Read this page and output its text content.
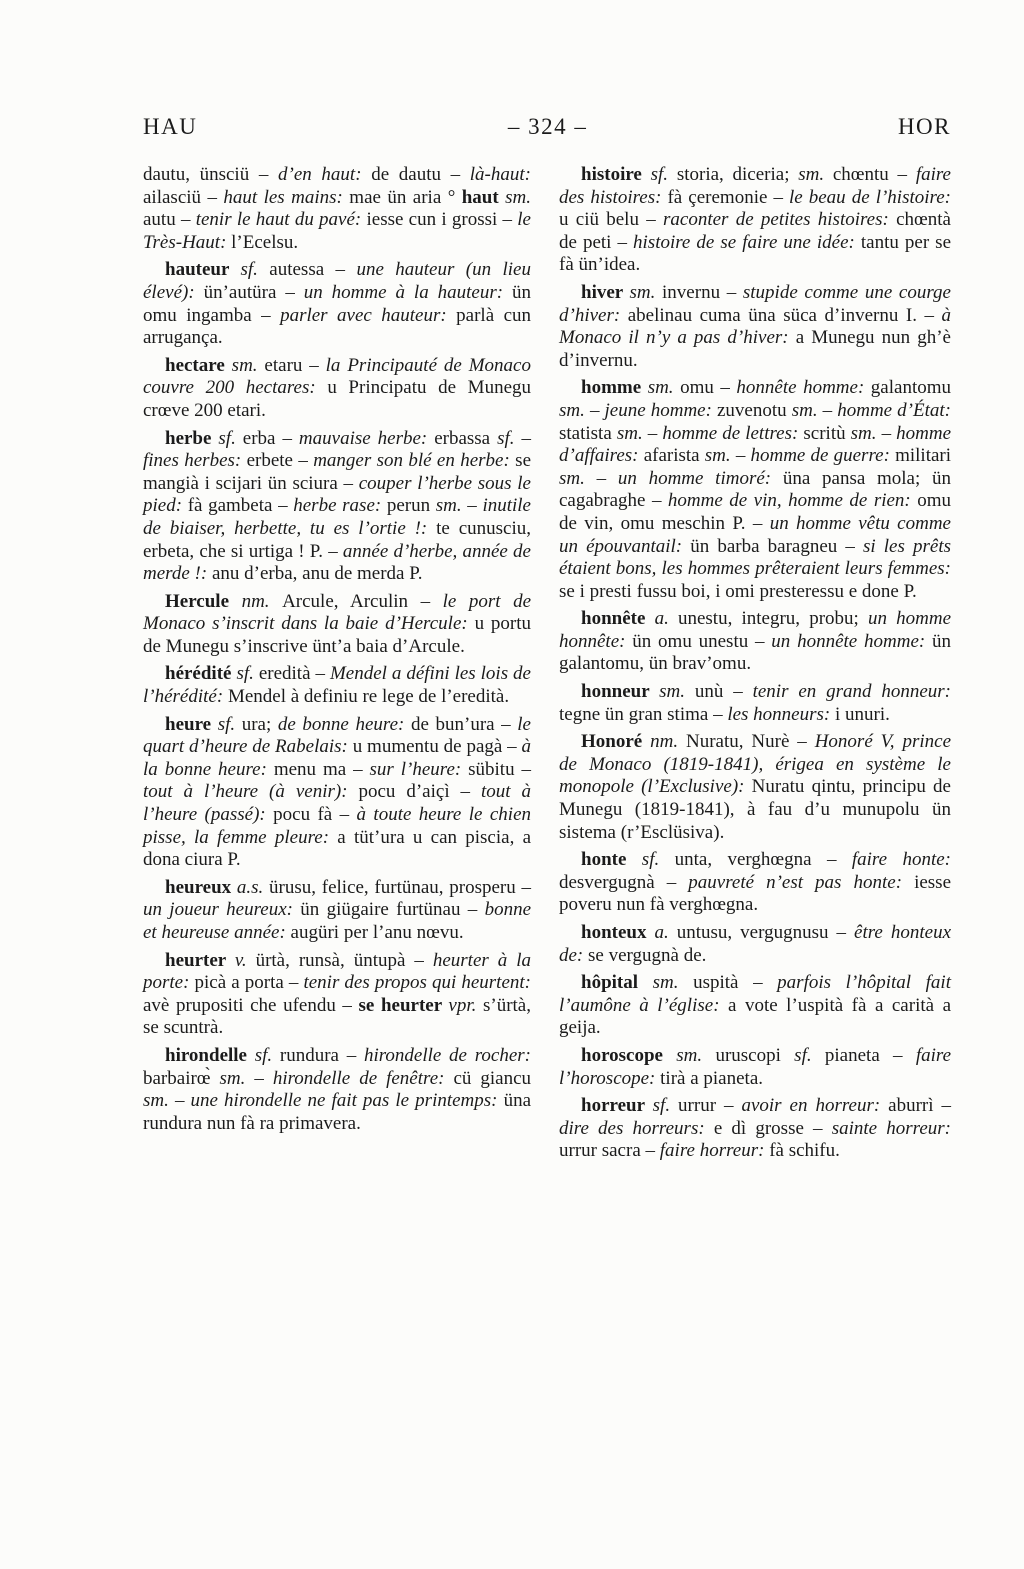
HAU	– 324 –	HOR

dautu, ünsciü – d’en haut: de dautu – là-haut: ailasciü – haut les mains: mae ün aria ° haut sm. autu – tenir le haut du pavé: iesse cun i grossi – le Très-Haut: l’Ecelsu.

hauteur sf. autessa – une hauteur (un lieu élevé): ün’autüra – un homme à la hauteur: ün omu ingamba – parler avec hauteur: parlà cun arrugança.

hectare sm. etaru – la Principauté de Monaco couvre 200 hectares: u Principatu de Munegu crœve 200 etari.

herbe sf. erba – mauvaise herbe: erbassa sf. – fines herbes: erbete – manger son blé en herbe: se mangià i scijari ün sciura – couper l’herbe sous le pied: fà gambeta – herbe rase: perun sm. – inutile de biaiser, herbette, tu es l’ortie !: te cunusciu, erbeta, che si urtiga ! P. – année d’herbe, année de merde !: anu d’erba, anu de merda P.

Hercule nm. Arcule, Arculin – le port de Monaco s’inscrit dans la baie d’Hercule: u portu de Munegu s’inscrive ünt’a baia d’Arcule.

hérédité sf. eredità – Mendel a défini les lois de l’hérédité: Mendel à definiu re lege de l’eredità.

heure sf. ura; de bonne heure: de bun’ura – le quart d’heure de Rabelais: u mumentu de pagà – à la bonne heure: menu ma – sur l’heure: sübitu – tout à l’heure (à venir): pocu d’aiçì – tout à l’heure (passé): pocu fà – à toute heure le chien pisse, la femme pleure: a tüt’ura u can piscia, a dona ciura P.

heureux a.s. ürusu, felice, furtünau, prosperu – un joueur heureux: ün giügaire furtünau – bonne et heureuse année: augüri per l’anu nœvu.

heurter v. ürtà, runsà, üntupà – heurter à la porte: picà a porta – tenir des propos qui heurtent: avè prupositi che ufendu – se heurter vpr. s’ürtà, se scuntrà.

hirondelle sf. rundura – hirondelle de rocher: barbairœ̀ sm. – hirondelle de fenêtre: cü giancu sm. – une hirondelle ne fait pas le printemps: üna rundura nun fà ra primavera.

histoire sf. storia, diceria; sm. chœntu – faire des histoires: fà çeremonie – le beau de l’histoire: u ciü belu – raconter de petites histoires: chœntà de peti – histoire de se faire une idée: tantu per se fà ün’idea.

hiver sm. invernu – stupide comme une courge d’hiver: abelinau cuma üna süca d’invernu I. – à Monaco il n’y a pas d’hiver: a Munegu nun gh’è d’invernu.

homme sm. omu – honnête homme: galantomu sm. – jeune homme: zuvenotu sm. – homme d’État: statista sm. – homme de lettres: scritù sm. – homme d’affaires: afarista sm. – homme de guerre: militari sm. – un homme timoré: üna pansa mola; ün cagabraghe – homme de vin, homme de rien: omu de vin, omu meschin P. – un homme vêtu comme un épouvantail: ün barba baragneu – si les prêts étaient bons, les hommes prêteraient leurs femmes: se i presti fussu boi, i omi presteressu e done P.

honnête a. unestu, integru, probu; un homme honnête: ün omu unestu – un honnête homme: ün galantomu, ün brav’omu.

honneur sm. unù – tenir en grand honneur: tegne ün gran stima – les honneurs: i unuri.

Honoré nm. Nuratu, Nurè – Honoré V, prince de Monaco (1819-1841), érigea en système le monopole (l’Exclusive): Nuratu qintu, principu de Munegu (1819-1841), à fau d’u munupolu ün sistema (r’Esclüsiva).

honte sf. unta, verghœgna – faire honte: desvergugnà – pauvreté n’est pas honte: iesse poveru nun fà verghœgna.

honteux a. untusu, vergugnusu – être honteux de: se vergugnà de.

hôpital sm. uspità – parfois l’hôpital fait l’aumône à l’église: a vote l’uspità fà a carità a geija.

horoscope sm. uruscopi sf. pianeta – faire l’horoscope: tirà a pianeta.

horreur sf. urrur – avoir en horreur: aburrì – dire des horreurs: e dì grosse – sainte horreur: urrur sacra – faire horreur: fà schifu.
